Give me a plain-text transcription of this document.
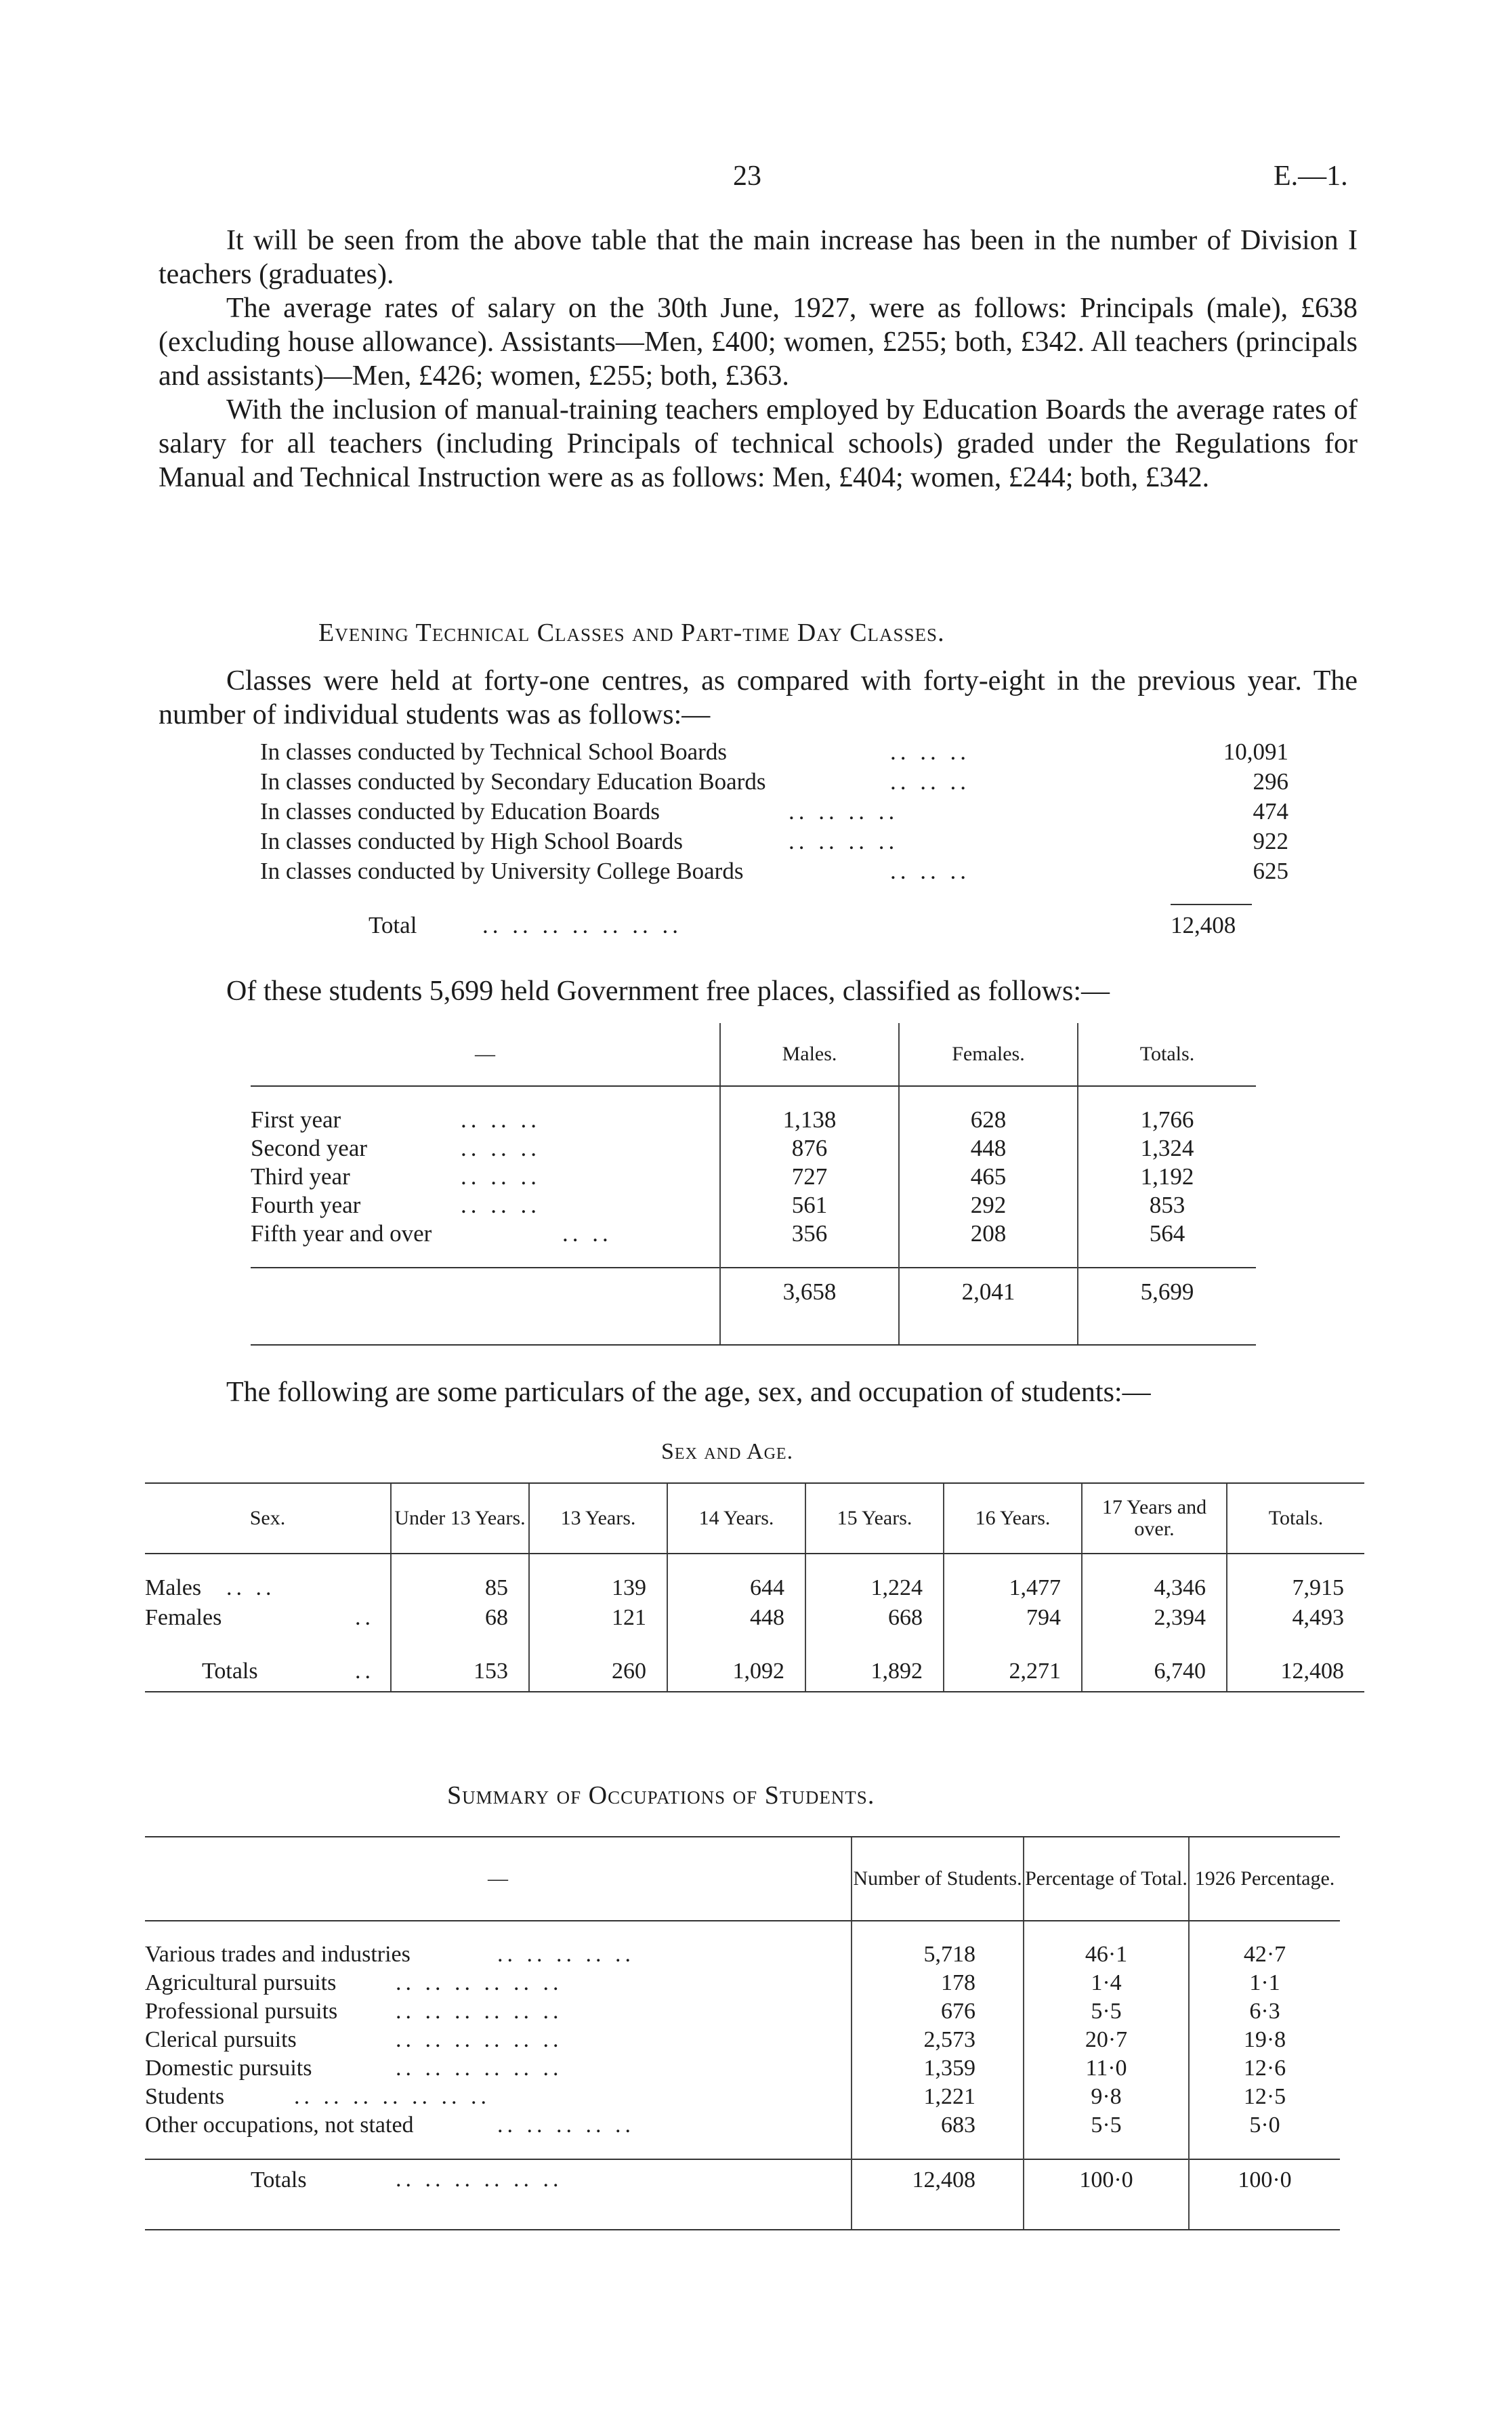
23	E.—1.

It will be seen from the above table that the main increase has been in the number of Division I teachers (graduates).

The average rates of salary on the 30th June, 1927, were as follows: Principals (male), £638 (excluding house allowance). Assistants—Men, £400; women, £255; both, £342. All teachers (principals and assistants)—Men, £426; women, £255; both, £363.

With the inclusion of manual-training teachers employed by Education Boards the average rates of salary for all teachers (including Principals of technical schools) graded under the Regulations for Manual and Technical Instruction were as as follows: Men, £404; women, £244; both, £342.

Evening Technical Classes and Part-time Day Classes.

Classes were held at forty-one centres, as compared with forty-eight in the previous year. The number of individual students was as follows:—

In classes conducted by Technical School Boards	.. .. ..	10,091
In classes conducted by Secondary Education Boards	.. .. ..	296
In classes conducted by Education Boards	.. .. .. ..	474
In classes conducted by High School Boards	.. .. .. ..	922
In classes conducted by University College Boards	.. .. ..	625
Total	.. .. .. .. .. .. ..	12,408

Of these students 5,699 held Government free places, classified as follows:—

—	Males.	Females.	Totals.

First year .. .. ..	1,138	628	1,766
Second year .. .. ..	876	448	1,324
Third year .. .. ..	727	465	1,192
Fourth year .. .. ..	561	292	853
Fifth year and over .. ..	356	208	564

	3,658	2,041	5,699

The following are some particulars of the age, sex, and occupation of students:—

Sex and Age.
Sex.	Under 13 Years.	13 Years.	14 Years.	15 Years.	16 Years.	17 Years and over.	Totals.

Males .. ..	85	139	644	1,224	1,477	4,346	7,915
Females ..	68	121	448	668	794	2,394	4,493

Totals ..	153	260	1,092	1,892	2,271	6,740	12,408
Summary of Occupations of Students.
—	Number of Students.	Percentage of Total.	1926 Percentage.

Various trades and industries .. .. .. .. ..	5,718	46·1	42·7
Agricultural pursuits .. .. .. .. .. ..	178	1·4	1·1
Professional pursuits .. .. .. .. .. ..	676	5·5	6·3
Clerical pursuits .. .. .. .. .. ..	2,573	20·7	19·8
Domestic pursuits .. .. .. .. .. ..	1,359	11·0	12·6
Students .. .. .. .. .. .. ..	1,221	9·8	12·5
Other occupations, not stated .. .. .. .. ..	683	5·5	5·0

Totals .. .. .. .. .. ..	12,408	100·0	100·0
